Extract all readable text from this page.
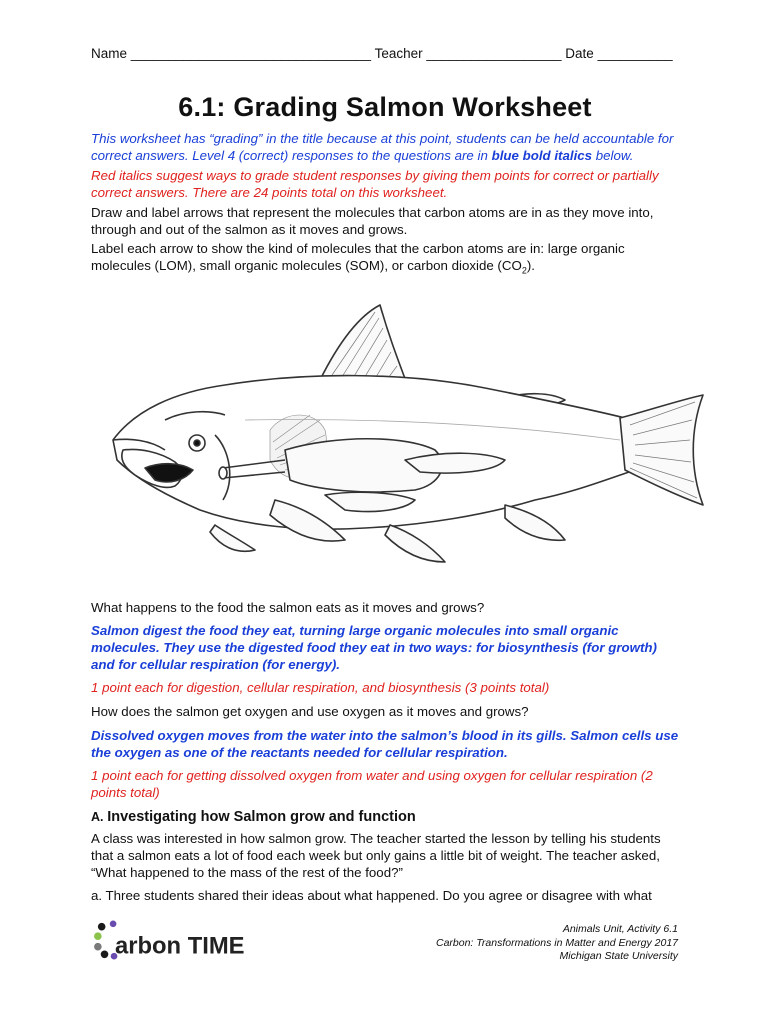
Name ________________________________ Teacher __________________ Date __________
6.1: Grading Salmon Worksheet
This worksheet has “grading” in the title because at this point, students can be held accountable for correct answers. Level 4 (correct) responses to the questions are in blue bold italics below.
Red italics suggest ways to grade student responses by giving them points for correct or partially correct answers. There are 24 points total on this worksheet.
Draw and label arrows that represent the molecules that carbon atoms are in as they move into, through and out of the salmon as it moves and grows.
Label each arrow to show the kind of molecules that the carbon atoms are in: large organic molecules (LOM), small organic molecules (SOM), or carbon dioxide $(CO_2)$.
What happens to the food the salmon eats as it moves and grows?
Salmon digest the food they eat, turning large organic molecules into small organic molecules. They use the digested food they eat in two ways: for biosynthesis (for growth) and for cellular respiration (for energy).
1 point each for digestion, cellular respiration, and biosynthesis (3 points total)
How does the salmon get oxygen and use oxygen as it moves and grows?
Dissolved oxygen moves from the water into the salmon’s blood in its gills. Salmon cells use the oxygen as one of the reactants needed for cellular respiration.
1 point each for getting dissolved oxygen from water and using oxygen for cellular respiration (2 points total)
A. Investigating how Salmon grow and function
A class was interested in how salmon grow. The teacher started the lesson by telling his students that a salmon eats a lot of food each week but only gains a little bit of weight. The teacher asked, “What happened to the mass of the rest of the food?”
a. Three students shared their ideas about what happened. Do you agree or disagree with what
arbon TIME
Animals Unit, Activity 6.1
Carbon: Transformations in Matter and Energy 2017
Michigan State University
